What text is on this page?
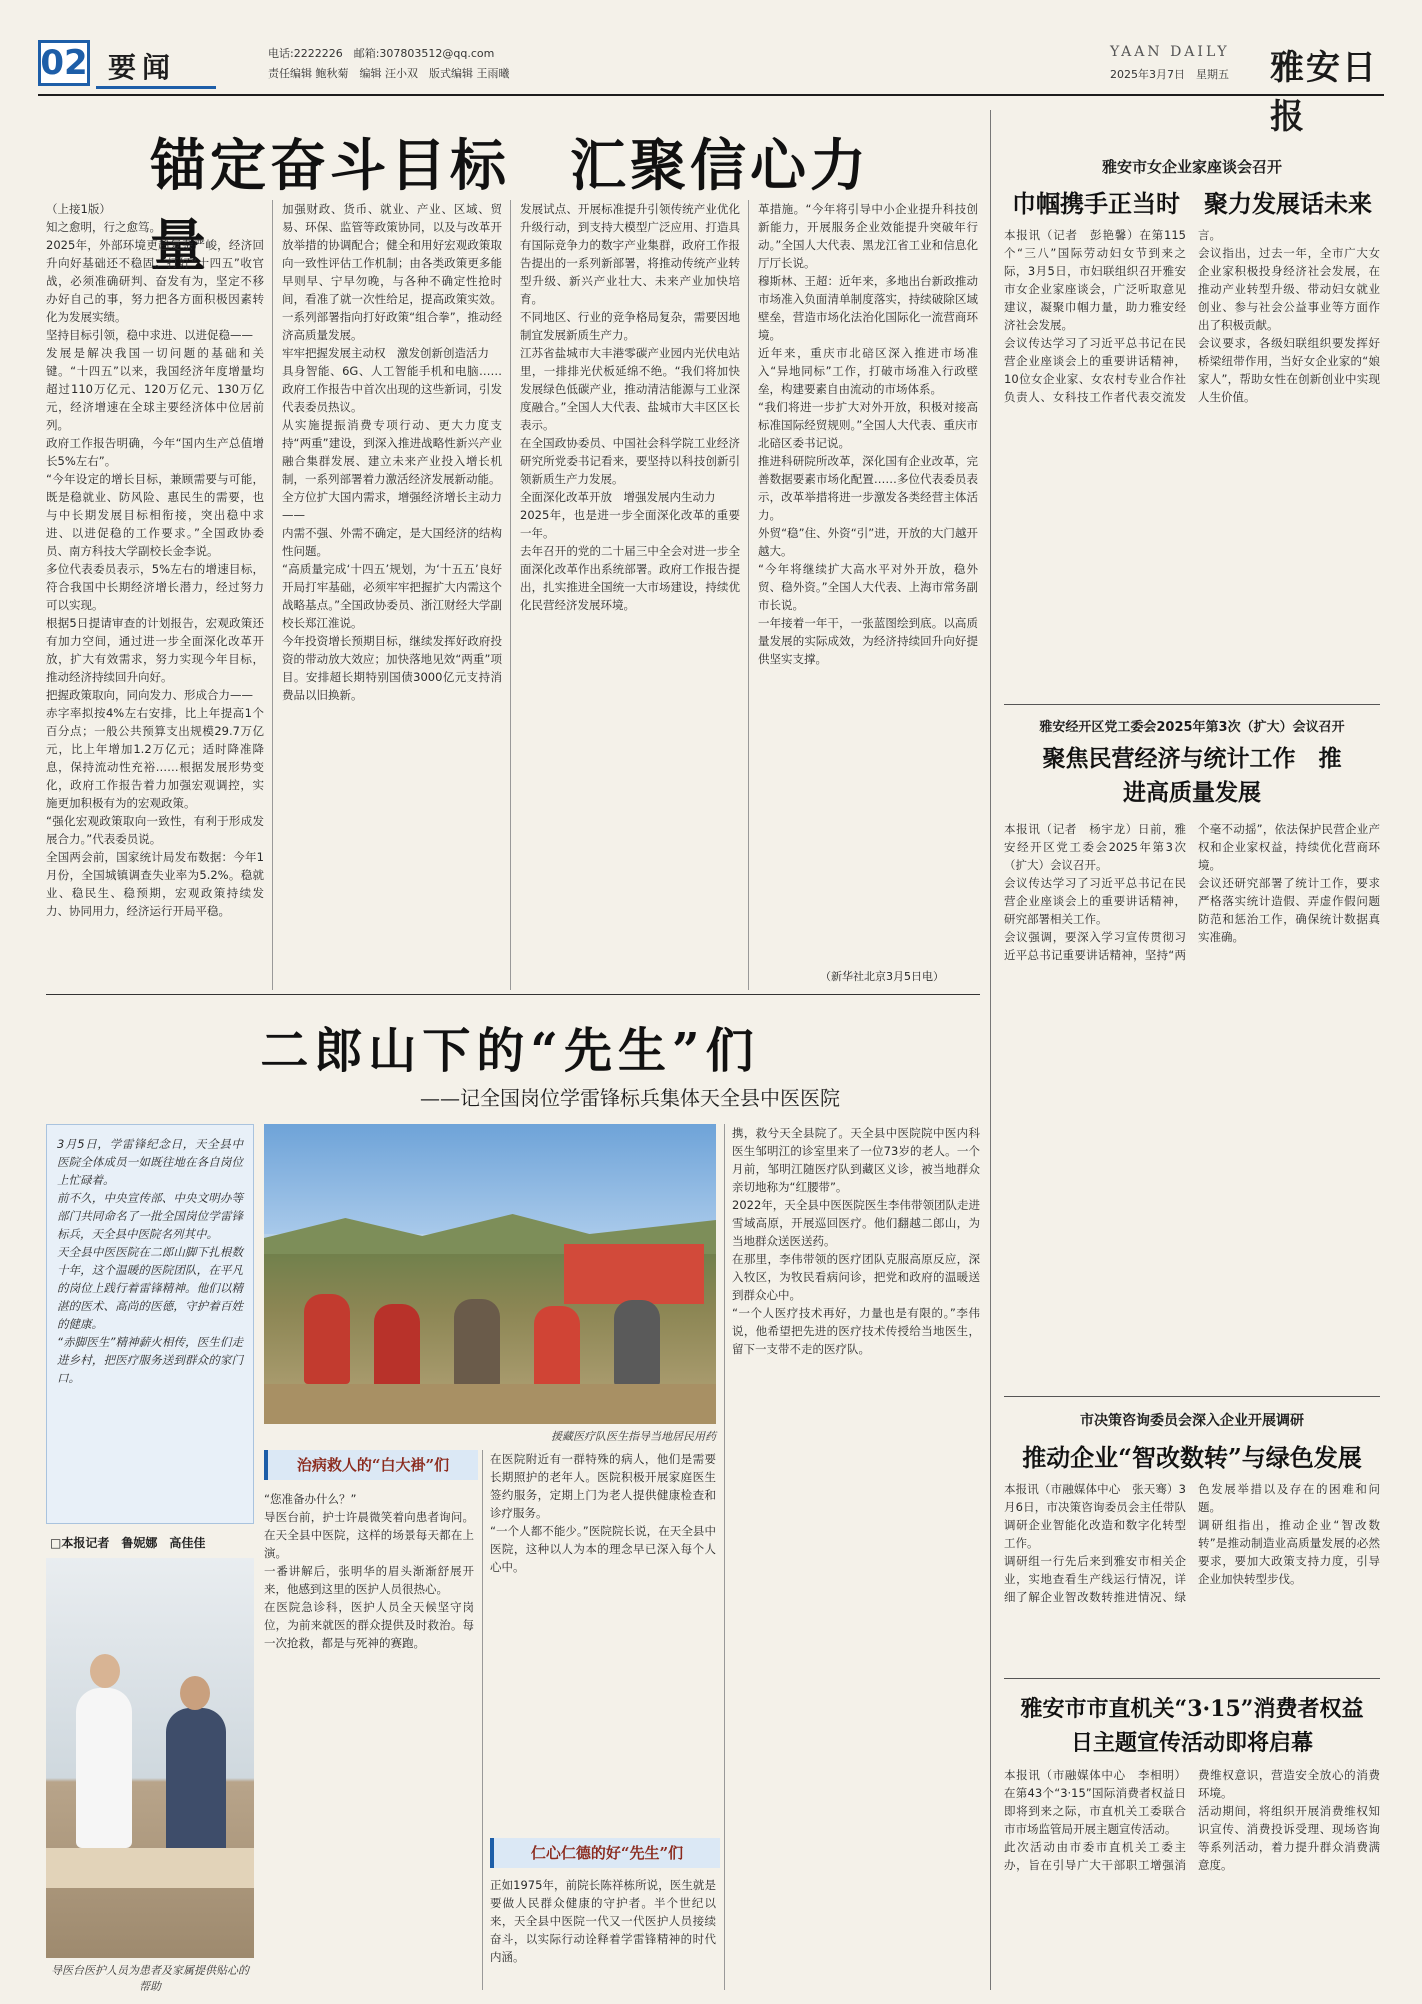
02 要闻	电话:2222226　邮箱:307803512@qq.com
责任编辑 鲍秋菊　编辑 汪小双　版式编辑 王雨曦
YAAN DAILY
2025年3月7日　星期五 雅安日报
锚定奋斗目标　汇聚信心力量
（上接1版）
知之愈明，行之愈笃。
2025年，外部环境更趋复杂严峻，经济回升向好基础还不稳固。打好“十四五”收官战，必须准确研判、奋发有为，坚定不移办好自己的事，努力把各方面积极因素转化为发展实绩。
坚持目标引领，稳中求进、以进促稳——
发展是解决我国一切问题的基础和关键。“十四五”以来，我国经济年度增量均超过110万亿元、120万亿元、130万亿元，经济增速在全球主要经济体中位居前列。
政府工作报告明确，今年“国内生产总值增长5%左右”。
“今年设定的增长目标，兼顾需要与可能，既是稳就业、防风险、惠民生的需要，也与中长期发展目标相衔接，突出稳中求进、以进促稳的工作要求。”全国政协委员、南方科技大学副校长金李说。
多位代表委员表示，5%左右的增速目标，符合我国中长期经济增长潜力，经过努力可以实现。
根据5日提请审查的计划报告，宏观政策还有加力空间，通过进一步全面深化改革开放，扩大有效需求，努力实现今年目标，推动经济持续回升向好。
把握政策取向，同向发力、形成合力——
赤字率拟按4%左右安排，比上年提高1个百分点；一般公共预算支出规模29.7万亿元，比上年增加1.2万亿元；适时降准降息，保持流动性充裕……根据发展形势变化，政府工作报告着力加强宏观调控，实施更加积极有为的宏观政策。
“强化宏观政策取向一致性，有利于形成发展合力。”代表委员说。
全国两会前，国家统计局发布数据：今年1月份，全国城镇调查失业率为5.2%。稳就业、稳民生、稳预期，宏观政策持续发力、协同用力，经济运行开局平稳。
加强财政、货币、就业、产业、区域、贸易、环保、监管等政策协同，以及与改革开放举措的协调配合；健全和用好宏观政策取向一致性评估工作机制；由各类政策更多能早则早、宁早勿晚，与各种不确定性抢时间，看准了就一次性给足，提高政策实效。一系列部署指向打好政策“组合拳”，推动经济高质量发展。
牢牢把握发展主动权　激发创新创造活力
具身智能、6G、人工智能手机和电脑……政府工作报告中首次出现的这些新词，引发代表委员热议。
从实施提振消费专项行动、更大力度支持“两重”建设，到深入推进战略性新兴产业融合集群发展、建立未来产业投入增长机制，一系列部署着力激活经济发展新动能。
全方位扩大国内需求，增强经济增长主动力——
内需不强、外需不确定，是大国经济的结构性问题。
“高质量完成‘十四五’规划，为‘十五五’良好开局打牢基础，必须牢牢把握扩大内需这个战略基点。”全国政协委员、浙江财经大学副校长郑江淮说。
今年投资增长预期目标，继续发挥好政府投资的带动放大效应；加快落地见效“两重”项目。安排超长期特别国债3000亿元支持消费品以旧换新。
发展试点、开展标准提升引领传统产业优化升级行动，到支持大模型广泛应用、打造具有国际竞争力的数字产业集群，政府工作报告提出的一系列新部署，将推动传统产业转型升级、新兴产业壮大、未来产业加快培育。
不同地区、行业的竞争格局复杂，需要因地制宜发展新质生产力。
江苏省盐城市大丰港零碳产业园内光伏电站里，一排排光伏板延绵不绝。“我们将加快发展绿色低碳产业，推动清洁能源与工业深度融合。”全国人大代表、盐城市大丰区区长表示。
在全国政协委员、中国社会科学院工业经济研究所党委书记看来，要坚持以科技创新引领新质生产力发展。
全面深化改革开放　增强发展内生动力
2025年，也是进一步全面深化改革的重要一年。
去年召开的党的二十届三中全会对进一步全面深化改革作出系统部署。政府工作报告提出，扎实推进全国统一大市场建设，持续优化民营经济发展环境。
革措施。“今年将引导中小企业提升科技创新能力，开展服务企业效能提升突破年行动。”全国人大代表、黑龙江省工业和信息化厅厅长说。
穆斯林、王超：近年来，多地出台新政推动市场准入负面清单制度落实，持续破除区域壁垒，营造市场化法治化国际化一流营商环境。
近年来，重庆市北碚区深入推进市场准入“异地同标”工作，打破市场准入行政壁垒，构建要素自由流动的市场体系。
“我们将进一步扩大对外开放，积极对接高标准国际经贸规则。”全国人大代表、重庆市北碚区委书记说。
推进科研院所改革，深化国有企业改革，完善数据要素市场化配置……多位代表委员表示，改革举措将进一步激发各类经营主体活力。
外贸“稳”住、外资“引”进，开放的大门越开越大。
“今年将继续扩大高水平对外开放，稳外贸、稳外资。”全国人大代表、上海市常务副市长说。
一年接着一年干，一张蓝图绘到底。以高质量发展的实际成效，为经济持续回升向好提供坚实支撑。
（新华社北京3月5日电）
雅安市女企业家座谈会召开
巾帼携手正当时　聚力发展话未来
本报讯（记者　彭艳馨）在第115个“三八”国际劳动妇女节到来之际，3月5日，市妇联组织召开雅安市女企业家座谈会，广泛听取意见建议，凝聚巾帼力量，助力雅安经济社会发展。
会议传达学习了习近平总书记在民营企业座谈会上的重要讲话精神，10位女企业家、女农村专业合作社负责人、女科技工作者代表交流发言。
会议指出，过去一年，全市广大女企业家积极投身经济社会发展，在推动产业转型升级、带动妇女就业创业、参与社会公益事业等方面作出了积极贡献。
会议要求，各级妇联组织要发挥好桥梁纽带作用，当好女企业家的“娘家人”，帮助女性在创新创业中实现人生价值。
雅安经开区党工委会2025年第3次（扩大）会议召开
聚焦民营经济与统计工作　推进高质量发展
本报讯（记者　杨宇龙）日前，雅安经开区党工委会2025年第3次（扩大）会议召开。
会议传达学习了习近平总书记在民营企业座谈会上的重要讲话精神，研究部署相关工作。
会议强调，要深入学习宣传贯彻习近平总书记重要讲话精神，坚持“两个毫不动摇”，依法保护民营企业产权和企业家权益，持续优化营商环境。
会议还研究部署了统计工作，要求严格落实统计造假、弄虚作假问题防范和惩治工作，确保统计数据真实准确。
市决策咨询委员会深入企业开展调研
推动企业“智改数转”与绿色发展
本报讯（市融媒体中心　张天骞）3月6日，市决策咨询委员会主任带队调研企业智能化改造和数字化转型工作。
调研组一行先后来到雅安市相关企业，实地查看生产线运行情况，详细了解企业智改数转推进情况、绿色发展举措以及存在的困难和问题。
调研组指出，推动企业“智改数转”是推动制造业高质量发展的必然要求，要加大政策支持力度，引导企业加快转型步伐。
雅安市市直机关“3·15”消费者权益日主题宣传活动即将启幕
本报讯（市融媒体中心　李相明）在第43个“3·15”国际消费者权益日即将到来之际，市直机关工委联合市市场监管局开展主题宣传活动。
此次活动由市委市直机关工委主办，旨在引导广大干部职工增强消费维权意识，营造安全放心的消费环境。
活动期间，将组织开展消费维权知识宣传、消费投诉受理、现场咨询等系列活动，着力提升群众消费满意度。
二郎山下的“先生”们
——记全国岗位学雷锋标兵集体天全县中医医院
3月5日，学雷锋纪念日，天全县中医院全体成员一如既往地在各自岗位上忙碌着。
前不久，中央宣传部、中央文明办等部门共同命名了一批全国岗位学雷锋标兵，天全县中医院名列其中。
天全县中医医院在二郎山脚下扎根数十年，这个温暖的医院团队，在平凡的岗位上践行着雷锋精神。他们以精湛的医术、高尚的医德，守护着百姓的健康。
“赤脚医生”精神薪火相传，医生们走进乡村，把医疗服务送到群众的家门口。
□本报记者　鲁妮娜　高佳佳
导医台医护人员为患者及家属提供贴心的帮助
援藏医疗队医生指导当地居民用药
治病救人的“白大褂”们
“您准备办什么？”
导医台前，护士许晨微笑着向患者询问。在天全县中医院，这样的场景每天都在上演。
一番讲解后，张明华的眉头渐渐舒展开来，他感到这里的医护人员很热心。
在医院急诊科，医护人员全天候坚守岗位，为前来就医的群众提供及时救治。每一次抢救，都是与死神的赛跑。
在医院附近有一群特殊的病人，他们是需要长期照护的老年人。医院积极开展家庭医生签约服务，定期上门为老人提供健康检查和诊疗服务。
“一个人都不能少。”医院院长说，在天全县中医院，这种以人为本的理念早已深入每个人心中。
仁心仁德的好“先生”们
正如1975年，前院长陈祥栋所说，医生就是要做人民群众健康的守护者。半个世纪以来，天全县中医院一代又一代医护人员接续奋斗，以实际行动诠释着学雷锋精神的时代内涵。
携，救兮天全县院了。天全县中医院院中医内科医生邹明江的诊室里来了一位73岁的老人。一个月前，邹明江随医疗队到藏区义诊，被当地群众亲切地称为“红腰带”。
2022年，天全县中医医院医生李伟带领团队走进雪域高原，开展巡回医疗。他们翻越二郎山，为当地群众送医送药。
在那里，李伟带领的医疗团队克服高原反应，深入牧区，为牧民看病问诊，把党和政府的温暖送到群众心中。
“一个人医疗技术再好，力量也是有限的。”李伟说，他希望把先进的医疗技术传授给当地医生，留下一支带不走的医疗队。
